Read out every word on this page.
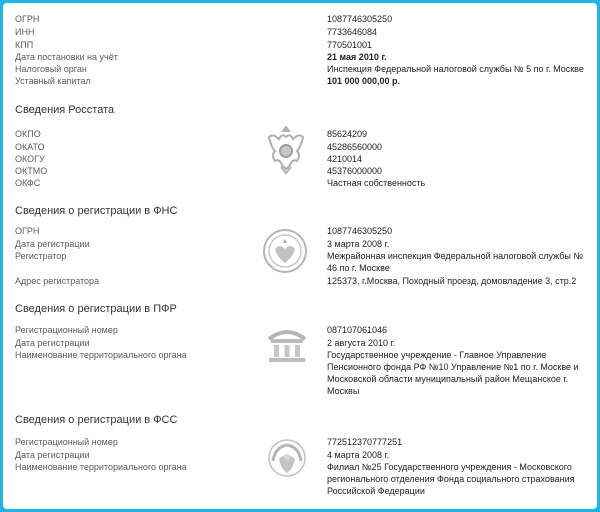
ОГРН	1087746305250
ИНН	7733646084
КПП	770501001
Дата постановки на учёт	21 мая 2010 г.
Налоговый орган	Инспекция Федеральной налоговой службы № 5 по г. Москве
Уставный капитал	101 000 000,00 р.
Сведения Росстата
ОКПО	85624209
ОКАТО	45286560000
ОКОГУ	4210014
ОКТМО	45376000000
ОКФС	Частная собственность
Сведения о регистрации в ФНС
ОГРН	1087746305250
Дата регистрации	3 марта 2008 г.
Регистратор	Межрайонная инспекция Федеральной налоговой службы №
46 по г. Москве
Адрес регистратора	125373, г.Москва, Походный проезд, домовладение 3, стр.2
Сведения о регистрации в ПФР
Регистрационный номер	087107061046
Дата регистрации	2 августа 2010 г.
Наименование территориального органа	Государственное учреждение - Главное Управление
Пенсионного фонда РФ №10 Управление №1 по г. Москве и
Московской области муниципальный район Мещанское г.
Москвы
Сведения о регистрации в ФСС
Регистрационный номер	772512370777251
Дата регистрации	4 марта 2008 г.
Наименование территориального органа	Филиал №25 Государственного учреждения - Московского
регионального отделения Фонда социального страхования
Российской Федерации
